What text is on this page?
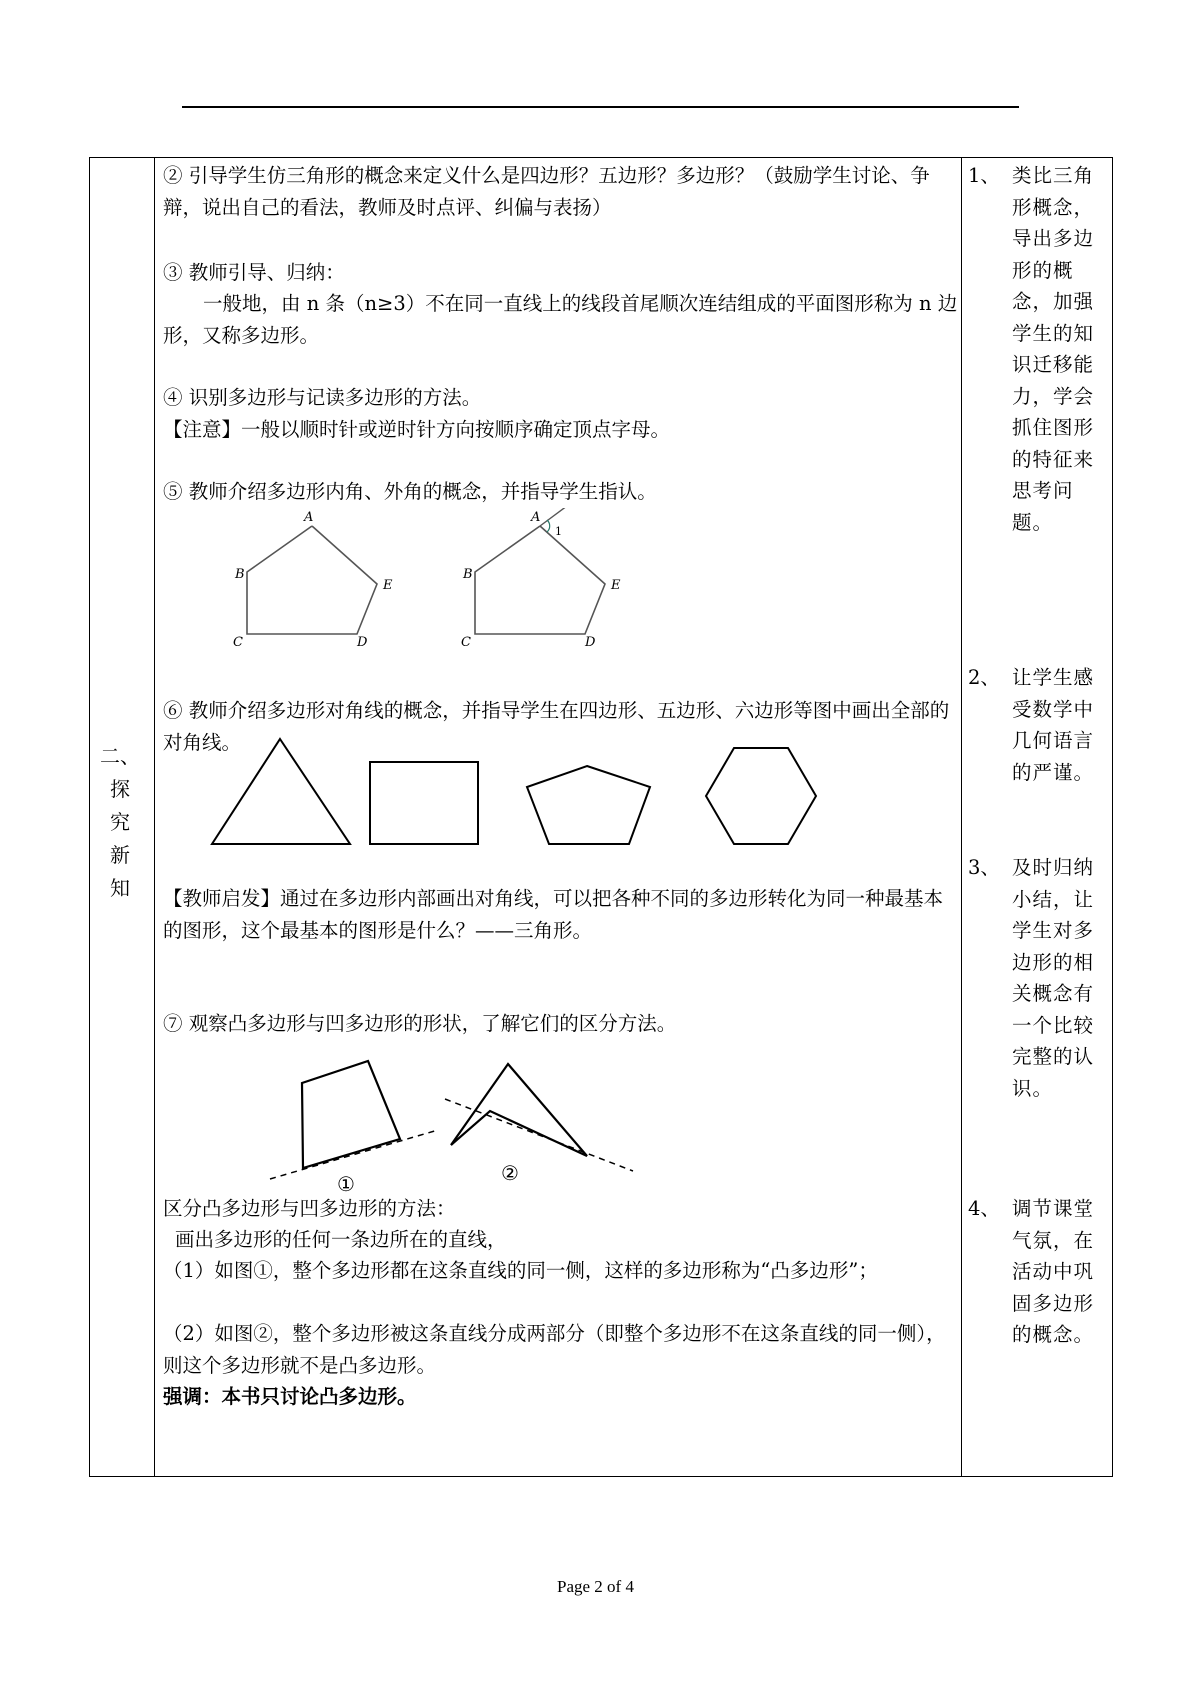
② 引导学生仿三角形的概念来定义什么是四边形？五边形？多边形？（鼓励学生讨论、争辩，说出自己的看法，教师及时点评、纠偏与表扬）
③ 教师引导、归纳：
一般地，由 n 条（n≥3）不在同一直线上的线段首尾顺次连结组成的平面图形称为 n 边形，又称多边形。
④ 识别多边形与记读多边形的方法。
【注意】一般以顺时针或逆时针方向按顺序确定顶点字母。
⑤ 教师介绍多边形内角、外角的概念，并指导学生指认。
A
B
C	D
E
A
1
B
C	D
E
⑥ 教师介绍多边形对角线的概念，并指导学生在四边形、五边形、六边形等图中画出全部的对角线。
【教师启发】通过在多边形内部画出对角线，可以把各种不同的多边形转化为同一种最基本的图形，这个最基本的图形是什么？——三角形。
⑦ 观察凸多边形与凹多边形的形状，了解它们的区分方法。
①	②
区分凸多边形与凹多边形的方法：
画出多边形的任何一条边所在的直线，
（1）如图①，整个多边形都在这条直线的同一侧，这样的多边形称为“凸多边形”；
（2）如图②，整个多边形被这条直线分成两部分（即整个多边形不在这条直线的同一侧），则这个多边形就不是凸多边形。
强调：本书只讨论凸多边形。

1、 类比三角形概念，导出多边形的概念，加强学生的知识迁移能力，学会抓住图形的特征来思考问题。
2、 让学生感受数学中几何语言的严谨。
3、 及时归纳小结，让学生对多边形的相关概念有一个比较完整的认识。
4、 调节课堂气氛，在活动中巩固多边形的概念。
二、
探
究
新
知
Page 2 of 4
